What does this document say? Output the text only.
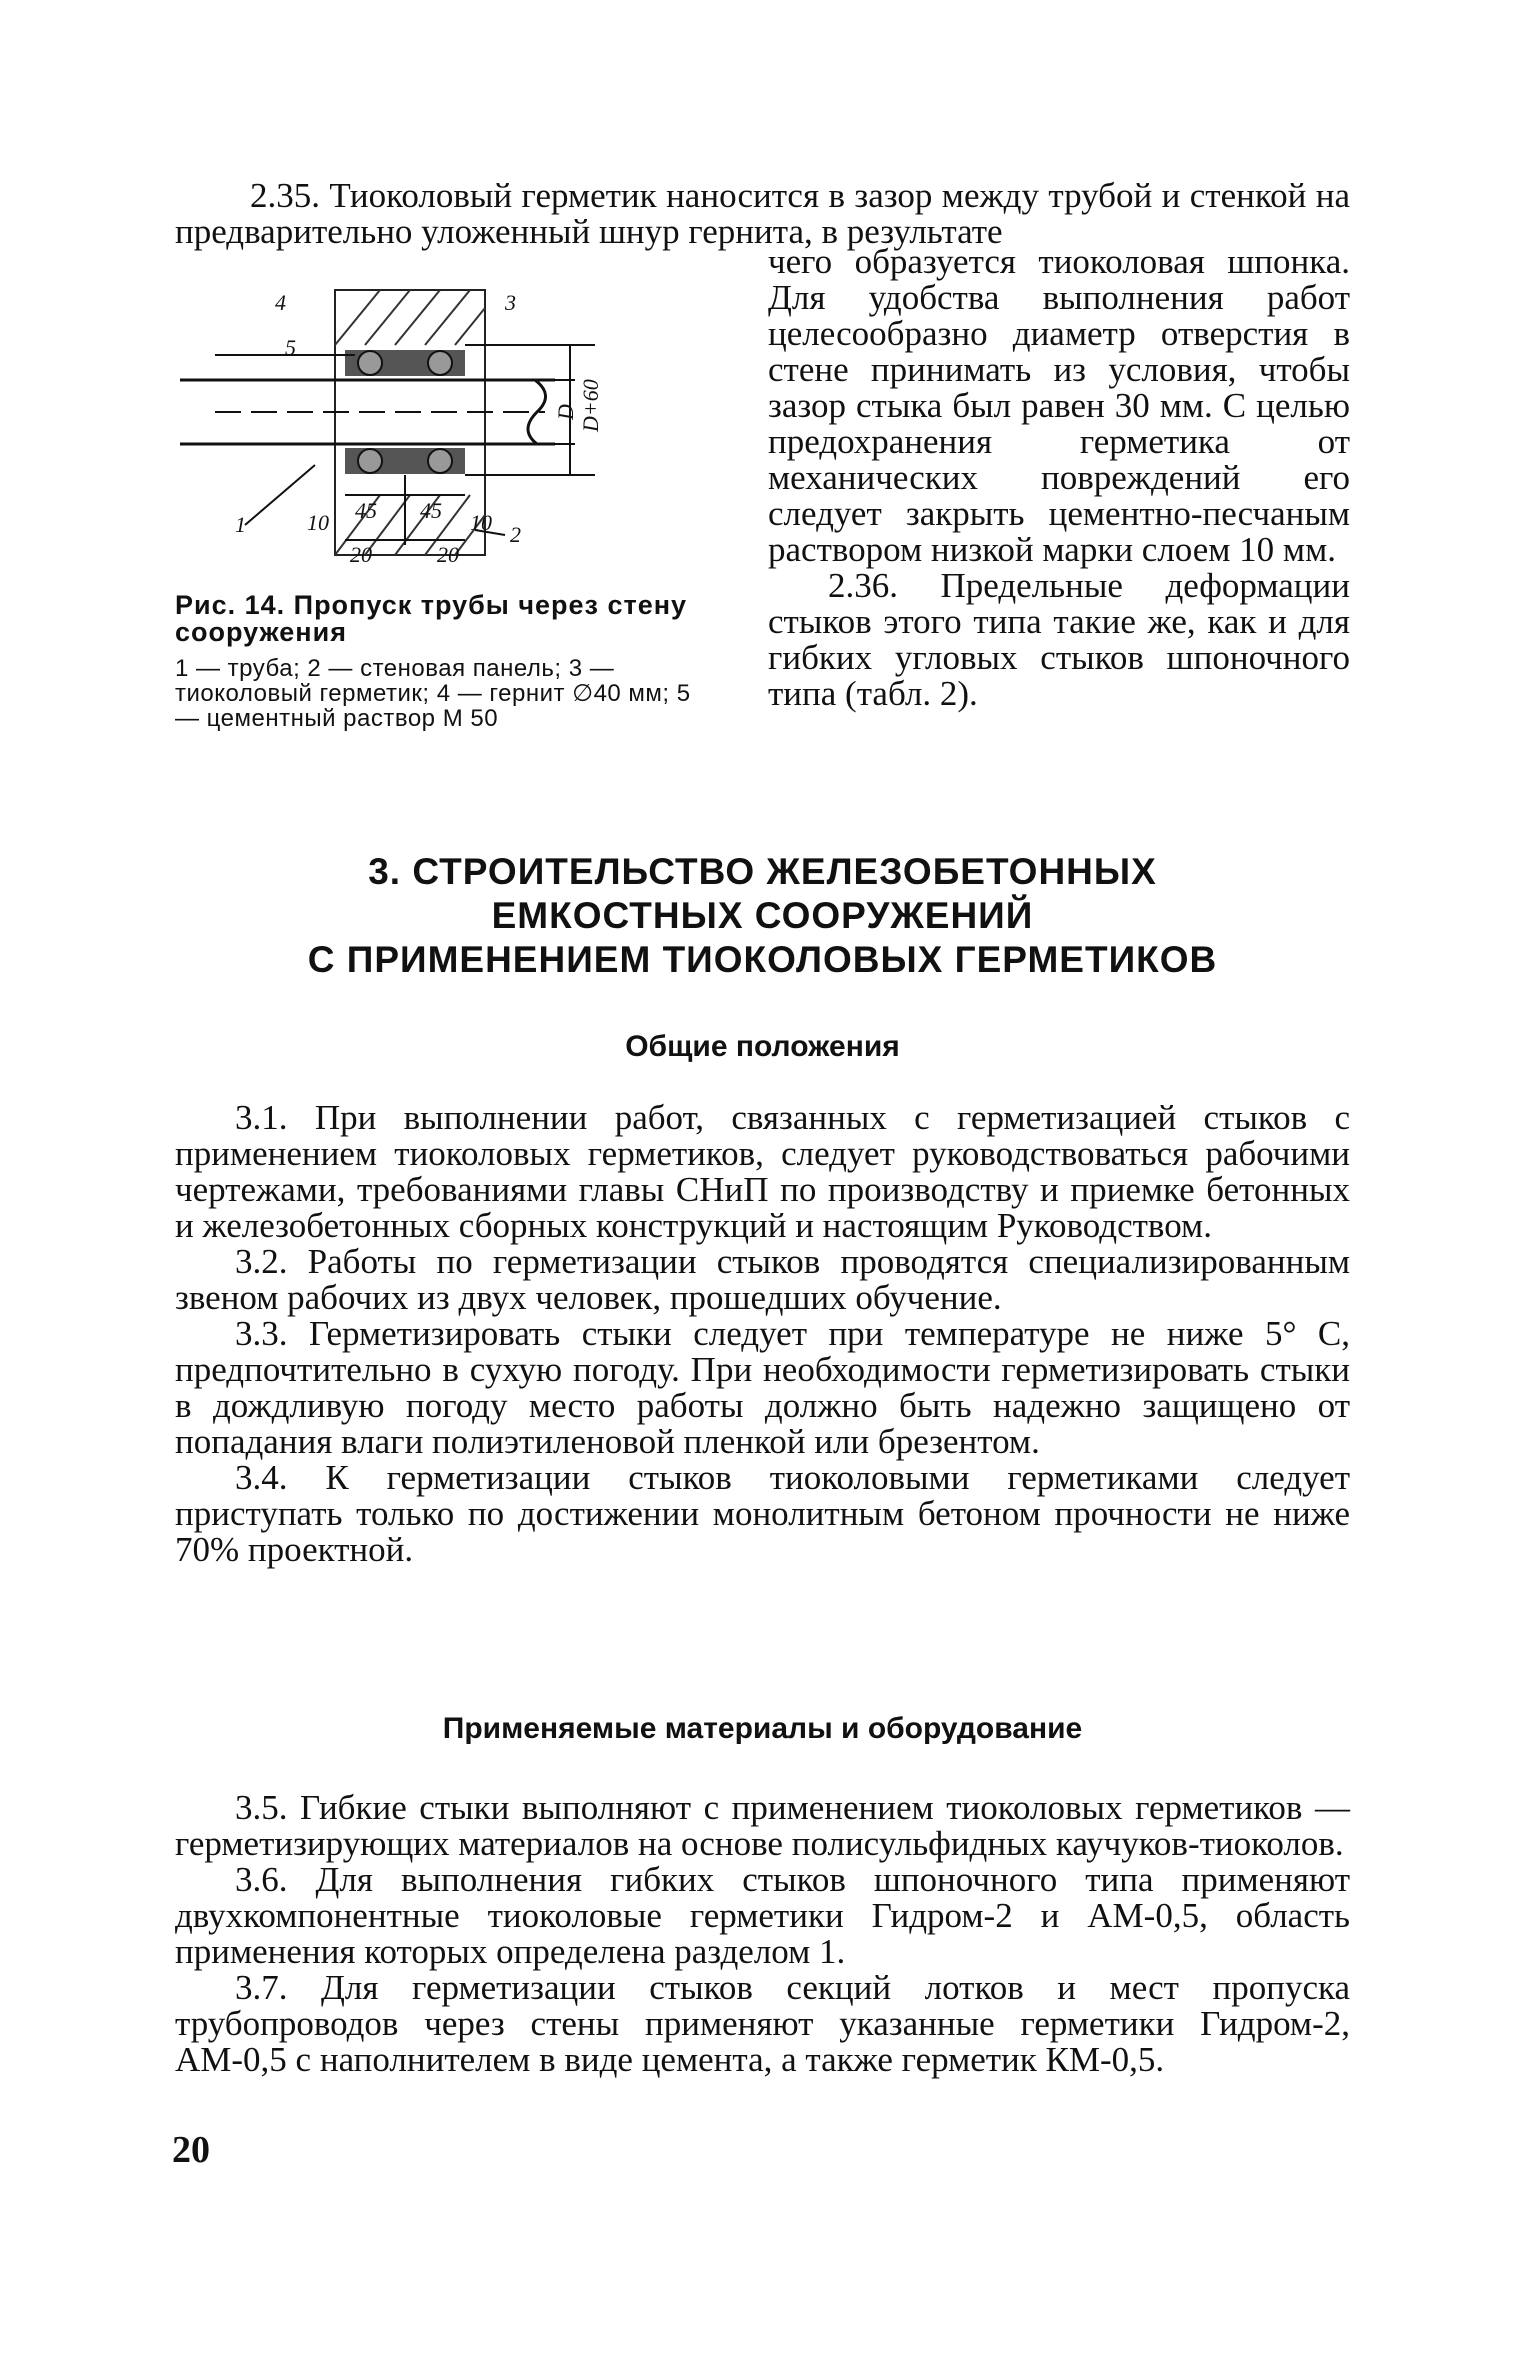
2.35. Тиоколовый герметик наносится в зазор между трубой и стенкой на предварительно уложенный шнур гернита, в результате

3
4
5
1	2
10	10
45 45
20	20
D D+60

Рис. 14. Пропуск трубы через стену сооружения

1 — труба; 2 — стеновая панель; 3 — тиоколовый герметик; 4 — гернит ∅40 мм; 5 — цементный раствор М 50

чего образуется тиоколовая шпонка. Для удобства выполнения работ целесообразно диаметр отверстия в стене принимать из условия, чтобы зазор стыка был равен 30 мм. С целью предохранения герметика от механических повреждений его следует закрыть цементно-песчаным раствором низкой марки слоем 10 мм.

2.36. Предельные деформации стыков этого типа такие же, как и для гибких угловых стыков шпоночного типа (табл. 2).

3. СТРОИТЕЛЬСТВО ЖЕЛЕЗОБЕТОННЫХ

ЕМКОСТНЫХ СООРУЖЕНИЙ

С ПРИМЕНЕНИЕМ ТИОКОЛОВЫХ ГЕРМЕТИКОВ

Общие положения

3.1. При выполнении работ, связанных с герметизацией стыков с применением тиоколовых герметиков, следует руководствоваться рабочими чертежами, требованиями главы СНиП по производству и приемке бетонных и железобетонных сборных конструкций и настоящим Руководством.

3.2. Работы по герметизации стыков проводятся специализированным звеном рабочих из двух человек, прошедших обучение.

3.3. Герметизировать стыки следует при температуре не ниже 5° С, предпочтительно в сухую погоду. При необходимости герметизировать стыки в дождливую погоду место работы должно быть надежно защищено от попадания влаги полиэтиленовой пленкой или брезентом.

3.4. К герметизации стыков тиоколовыми герметиками следует приступать только по достижении монолитным бетоном прочности не ниже 70% проектной.

Применяемые материалы и оборудование

3.5. Гибкие стыки выполняют с применением тиоколовых герметиков — герметизирующих материалов на основе полисульфидных каучуков-тиоколов.

3.6. Для выполнения гибких стыков шпоночного типа применяют двухкомпонентные тиоколовые герметики Гидром-2 и АМ-0,5, область применения которых определена разделом 1.

3.7. Для герметизации стыков секций лотков и мест пропуска трубопроводов через стены применяют указанные герметики Гидром-2, АМ-0,5 с наполнителем в виде цемента, а также герметик КМ-0,5.

20
